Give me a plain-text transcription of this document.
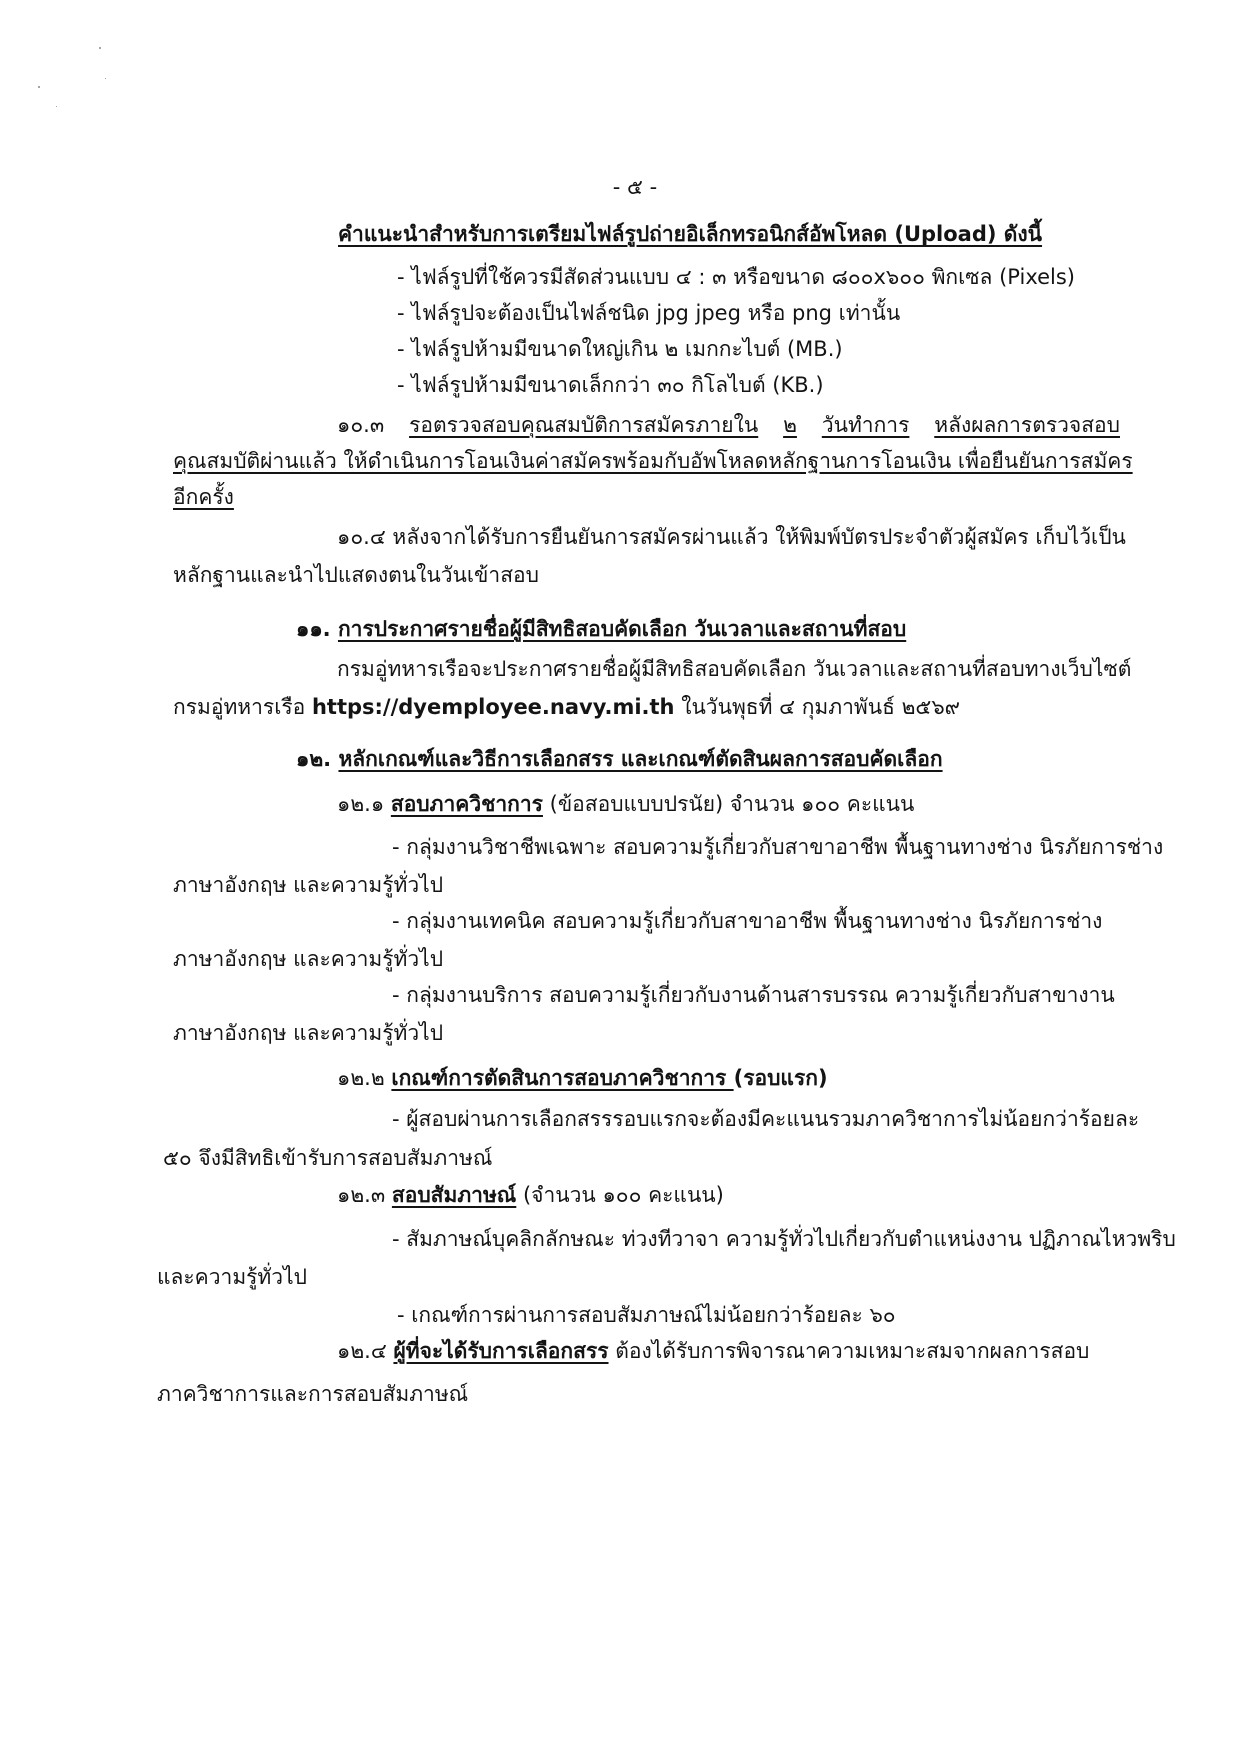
- ๕ -
คำแนะนำสำหรับการเตรียมไฟล์รูปถ่ายอิเล็กทรอนิกส์อัพโหลด (Upload) ดังนี้
- ไฟล์รูปที่ใช้ควรมีสัดส่วนแบบ ๔ : ๓ หรือขนาด ๘๐๐x๖๐๐ พิกเซล (Pixels)
- ไฟล์รูปจะต้องเป็นไฟล์ชนิด jpg jpeg หรือ png เท่านั้น
- ไฟล์รูปห้ามมีขนาดใหญ่เกิน ๒ เมกกะไบต์ (MB.)
- ไฟล์รูปห้ามมีขนาดเล็กกว่า ๓๐ กิโลไบต์ (KB.)
๑๐.๓ รอตรวจสอบคุณสมบัติการสมัครภายใน ๒ วันทำการ หลังผลการตรวจสอบ
คุณสมบัติผ่านแล้ว ให้ดำเนินการโอนเงินค่าสมัครพร้อมกับอัพโหลดหลักฐานการโอนเงิน เพื่อยืนยันการสมัคร
อีกครั้ง
๑๐.๔ หลังจากได้รับการยืนยันการสมัครผ่านแล้ว ให้พิมพ์บัตรประจำตัวผู้สมัคร เก็บไว้เป็น
หลักฐานและนำไปแสดงตนในวันเข้าสอบ
๑๑. การประกาศรายชื่อผู้มีสิทธิสอบคัดเลือก วันเวลาและสถานที่สอบ
กรมอู่ทหารเรือจะประกาศรายชื่อผู้มีสิทธิสอบคัดเลือก วันเวลาและสถานที่สอบทางเว็บไซต์
กรมอู่ทหารเรือ https://dyemployee.navy.mi.th ในวันพุธที่ ๔ กุมภาพันธ์ ๒๕๖๙
๑๒. หลักเกณฑ์และวิธีการเลือกสรร และเกณฑ์ตัดสินผลการสอบคัดเลือก
๑๒.๑ สอบภาควิชาการ (ข้อสอบแบบปรนัย) จำนวน ๑๐๐ คะแนน
- กลุ่มงานวิชาชีพเฉพาะ สอบความรู้เกี่ยวกับสาขาอาชีพ พื้นฐานทางช่าง นิรภัยการช่าง
ภาษาอังกฤษ และความรู้ทั่วไป
- กลุ่มงานเทคนิค สอบความรู้เกี่ยวกับสาขาอาชีพ พื้นฐานทางช่าง นิรภัยการช่าง
ภาษาอังกฤษ และความรู้ทั่วไป
- กลุ่มงานบริการ สอบความรู้เกี่ยวกับงานด้านสารบรรณ ความรู้เกี่ยวกับสาขางาน
ภาษาอังกฤษ และความรู้ทั่วไป
๑๒.๒ เกณฑ์การตัดสินการสอบภาควิชาการ (รอบแรก)
- ผู้สอบผ่านการเลือกสรรรอบแรกจะต้องมีคะแนนรวมภาควิชาการไม่น้อยกว่าร้อยละ
๕๐ จึงมีสิทธิเข้ารับการสอบสัมภาษณ์
๑๒.๓ สอบสัมภาษณ์ (จำนวน ๑๐๐ คะแนน)
- สัมภาษณ์บุคลิกลักษณะ ท่วงทีวาจา ความรู้ทั่วไปเกี่ยวกับตำแหน่งงาน ปฏิภาณไหวพริบ
และความรู้ทั่วไป
- เกณฑ์การผ่านการสอบสัมภาษณ์ไม่น้อยกว่าร้อยละ ๖๐
๑๒.๔ ผู้ที่จะได้รับการเลือกสรร ต้องได้รับการพิจารณาความเหมาะสมจากผลการสอบ
ภาควิชาการและการสอบสัมภาษณ์
